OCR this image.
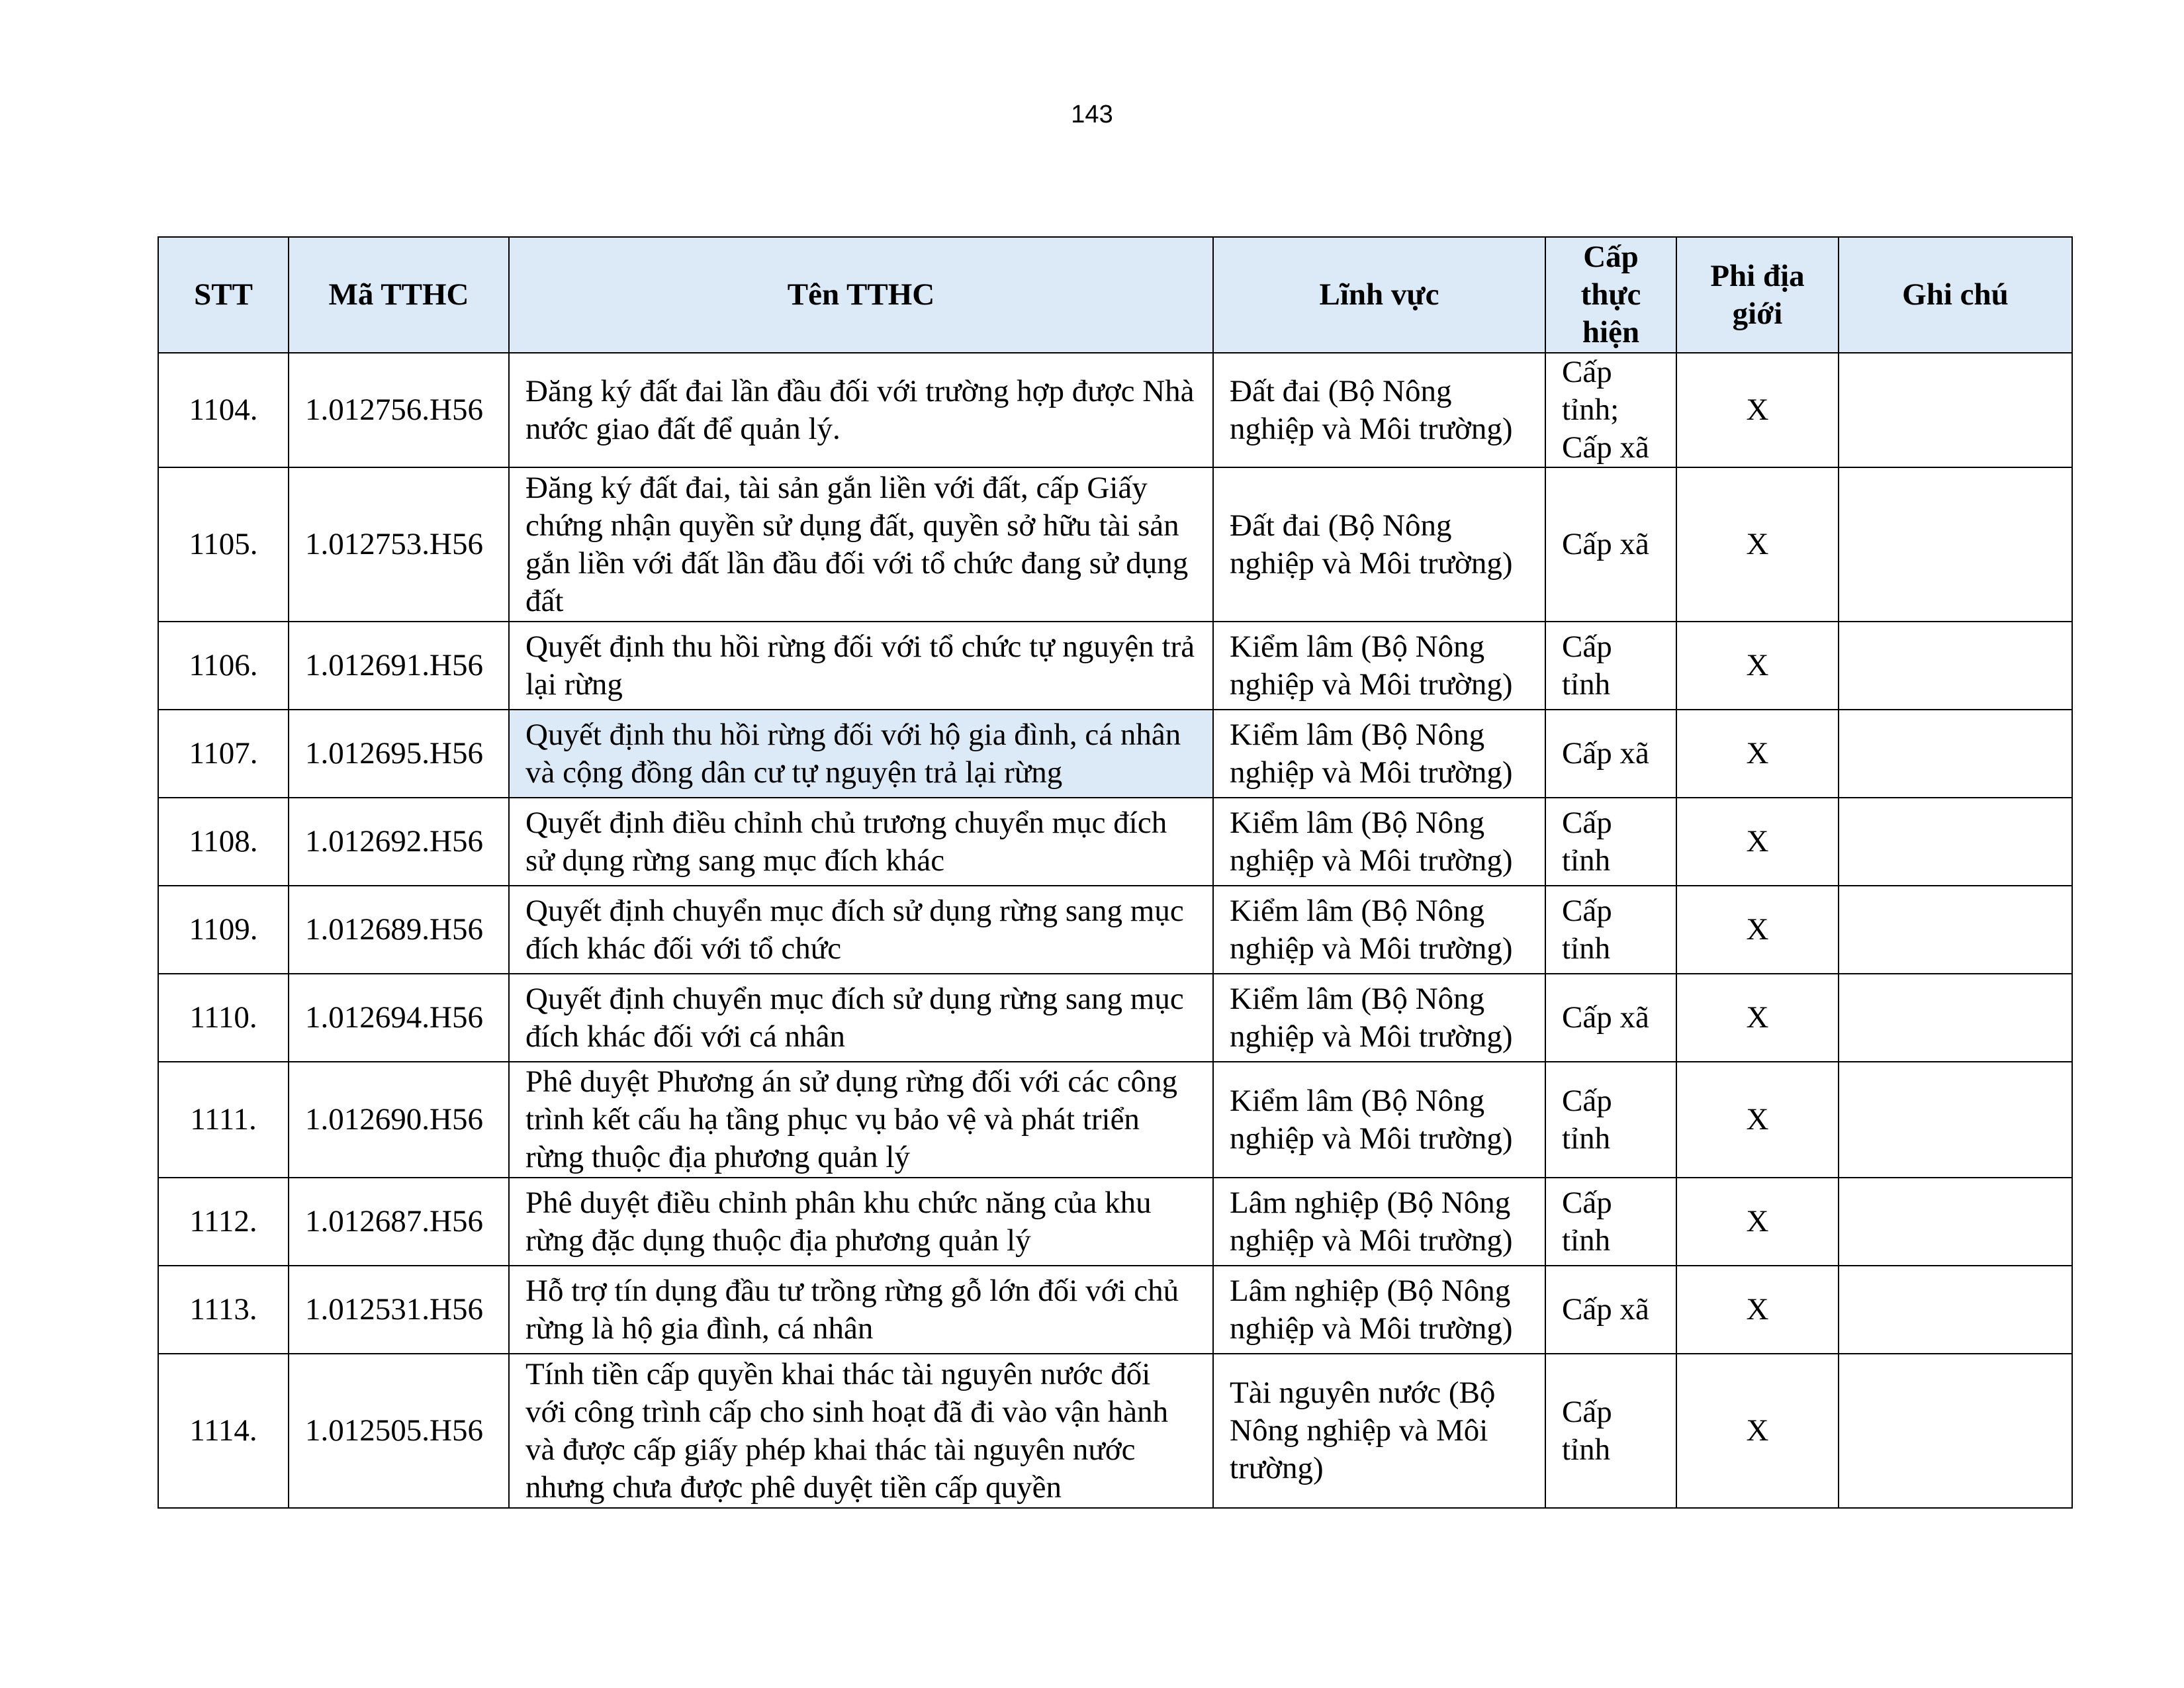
143
STT	Mã TTHC	Tên TTHC	Lĩnh vực	Cấp thực hiện	Phi địa giới	Ghi chú
1104.	1.012756.H56	Đăng ký đất đai lần đầu đối với trường hợp được Nhà nước giao đất để quản lý.	Đất đai (Bộ Nông nghiệp và Môi trường)	Cấp tỉnh; Cấp xã	X	
1105.	1.012753.H56	Đăng ký đất đai, tài sản gắn liền với đất, cấp Giấy chứng nhận quyền sử dụng đất, quyền sở hữu tài sản gắn liền với đất lần đầu đối với tổ chức đang sử dụng đất	Đất đai (Bộ Nông nghiệp và Môi trường)	Cấp xã	X	
1106.	1.012691.H56	Quyết định thu hồi rừng đối với tổ chức tự nguyện trả lại rừng	Kiểm lâm (Bộ Nông nghiệp và Môi trường)	Cấp tỉnh	X	
1107.	1.012695.H56	Quyết định thu hồi rừng đối với hộ gia đình, cá nhân và cộng đồng dân cư tự nguyện trả lại rừng	Kiểm lâm (Bộ Nông nghiệp và Môi trường)	Cấp xã	X	
1108.	1.012692.H56	Quyết định điều chỉnh chủ trương chuyển mục đích sử dụng rừng sang mục đích khác	Kiểm lâm (Bộ Nông nghiệp và Môi trường)	Cấp tỉnh	X	
1109.	1.012689.H56	Quyết định chuyển mục đích sử dụng rừng sang mục đích khác đối với tổ chức	Kiểm lâm (Bộ Nông nghiệp và Môi trường)	Cấp tỉnh	X	
1110.	1.012694.H56	Quyết định chuyển mục đích sử dụng rừng sang mục đích khác đối với cá nhân	Kiểm lâm (Bộ Nông nghiệp và Môi trường)	Cấp xã	X	
1111.	1.012690.H56	Phê duyệt Phương án sử dụng rừng đối với các công trình kết cấu hạ tầng phục vụ bảo vệ và phát triển rừng thuộc địa phương quản lý	Kiểm lâm (Bộ Nông nghiệp và Môi trường)	Cấp tỉnh	X	
1112.	1.012687.H56	Phê duyệt điều chỉnh phân khu chức năng của khu rừng đặc dụng thuộc địa phương quản lý	Lâm nghiệp (Bộ Nông nghiệp và Môi trường)	Cấp tỉnh	X	
1113.	1.012531.H56	Hỗ trợ tín dụng đầu tư trồng rừng gỗ lớn đối với chủ rừng là hộ gia đình, cá nhân	Lâm nghiệp (Bộ Nông nghiệp và Môi trường)	Cấp xã	X	
1114.	1.012505.H56	Tính tiền cấp quyền khai thác tài nguyên nước đối với công trình cấp cho sinh hoạt đã đi vào vận hành và được cấp giấy phép khai thác tài nguyên nước nhưng chưa được phê duyệt tiền cấp quyền	Tài nguyên nước (Bộ Nông nghiệp và Môi trường)	Cấp tỉnh	X	
